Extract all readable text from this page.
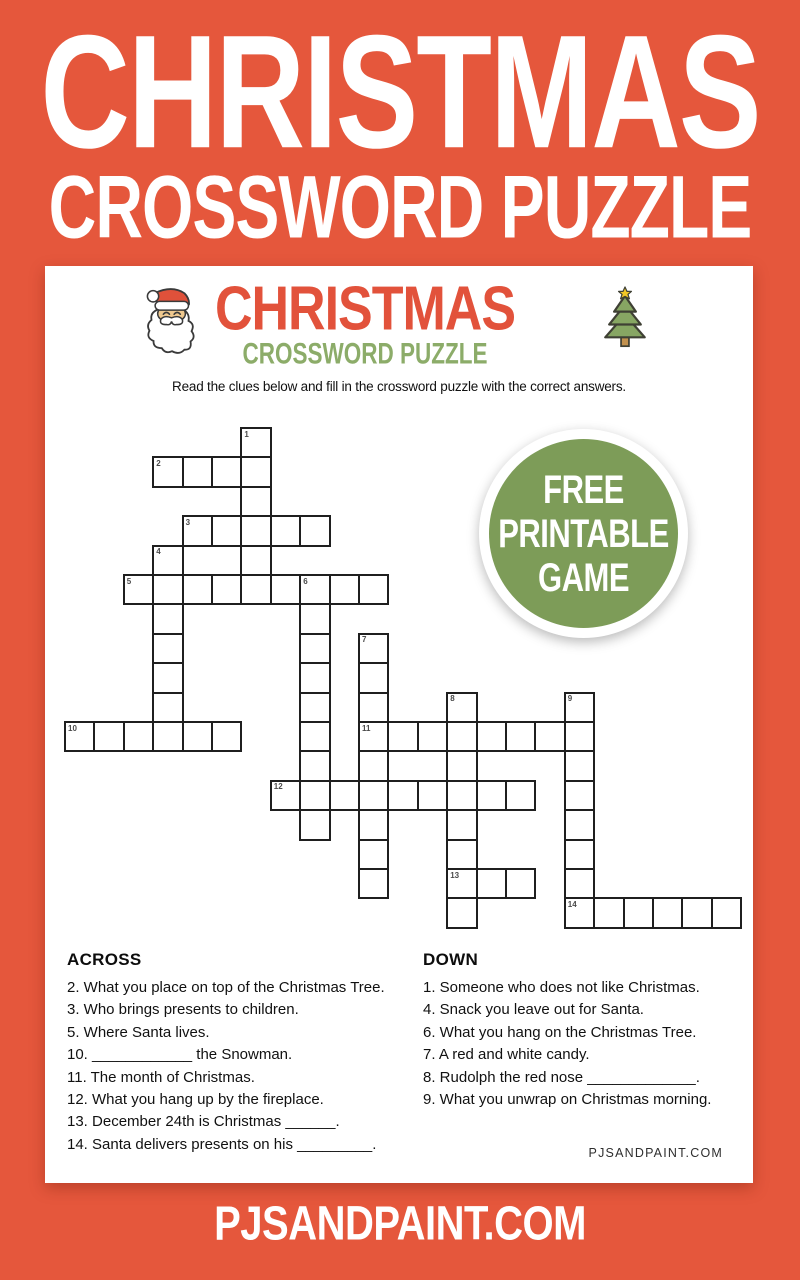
CHRISTMAS
CROSSWORD PUZZLE
CHRISTMAS
CROSSWORD PUZZLE
Read the clues below and fill in the crossword puzzle with the correct answers.
1
2
3
4
5	6
7
8	9
10	11
12
13
14
FREE
PRINTABLE
GAME
ACROSS
2. What you place on top of the Christmas Tree.
3. Who brings presents to children.
5. Where Santa lives.
10. ____________ the Snowman.
11. The month of Christmas.
12. What you hang up by the fireplace.
13. December 24th is Christmas ______.
14. Santa delivers presents on his _________.
DOWN
1. Someone who does not like Christmas.
4. Snack you leave out for Santa.
6. What you hang on the Christmas Tree.
7. A red and white candy.
8. Rudolph the red nose _____________.
9. What you unwrap on Christmas morning.
PJSANDPAINT.COM
PJSANDPAINT.COM
